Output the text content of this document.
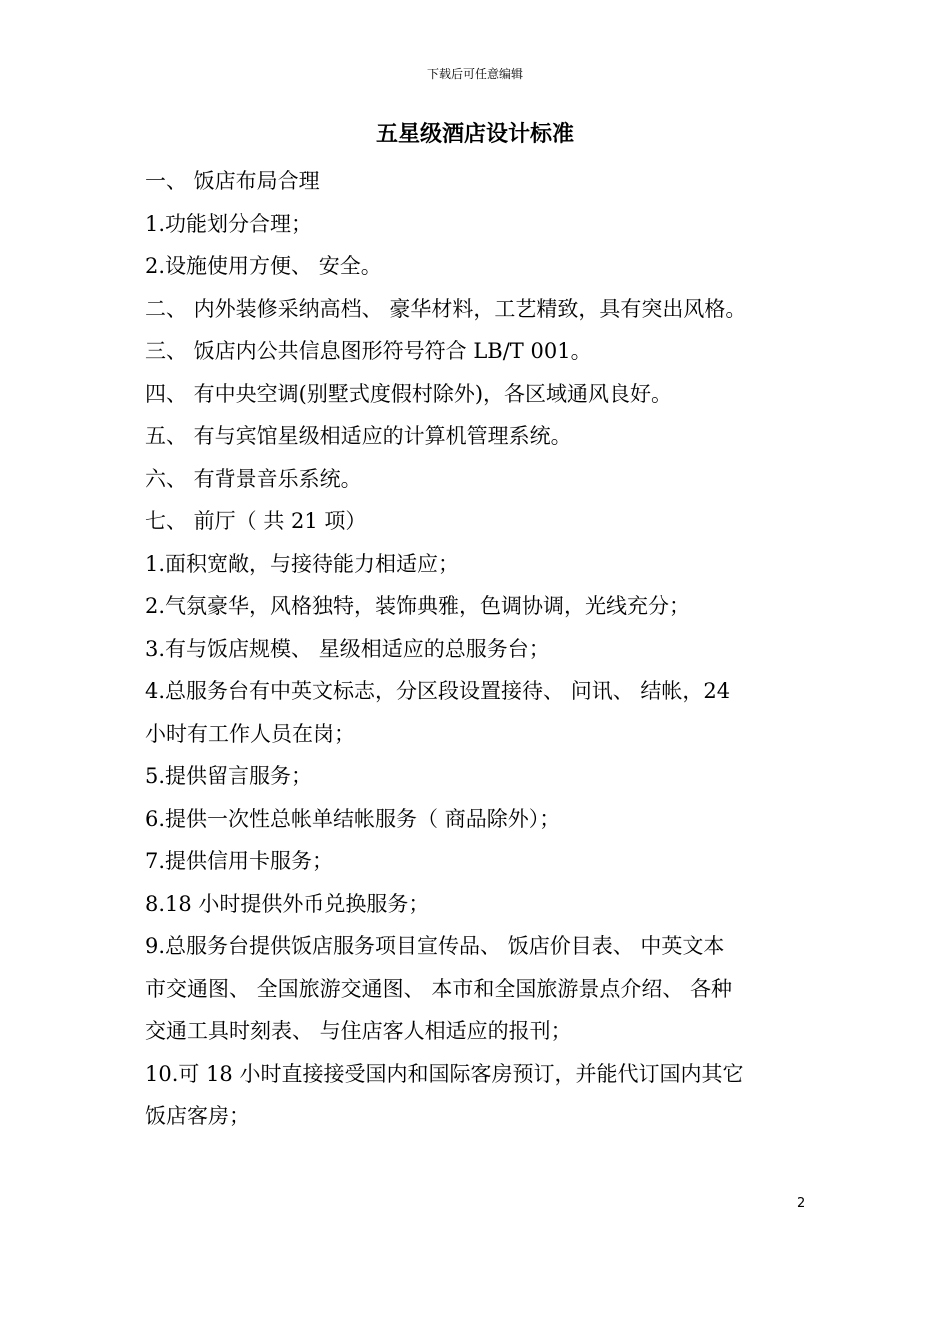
下载后可任意编辑
五星级酒店设计标准
一、 饭店布局合理
1.功能划分合理；
2.设施使用方便、 安全。
二、 内外装修采纳高档、 豪华材料，工艺精致，具有突出风格。
三、 饭店内公共信息图形符号符合 LB/T 001。
四、 有中央空调(别墅式度假村除外)，各区域通风良好。
五、 有与宾馆星级相适应的计算机管理系统。
六、 有背景音乐系统。
七、 前厅（ 共 21 项）
1.面积宽敞，与接待能力相适应；
2.气氛豪华，风格独特，装饰典雅，色调协调，光线充分；
3.有与饭店规模、 星级相适应的总服务台；
4.总服务台有中英文标志，分区段设置接待、 问讯、 结帐，24
小时有工作人员在岗；
5.提供留言服务；
6.提供一次性总帐单结帐服务（ 商品除外）；
7.提供信用卡服务；
8.18 小时提供外币兑换服务；
9.总服务台提供饭店服务项目宣传品、 饭店价目表、 中英文本
市交通图、 全国旅游交通图、 本市和全国旅游景点介绍、 各种
交通工具时刻表、 与住店客人相适应的报刊；
10.可 18 小时直接接受国内和国际客房预订，并能代订国内其它
饭店客房；
2
